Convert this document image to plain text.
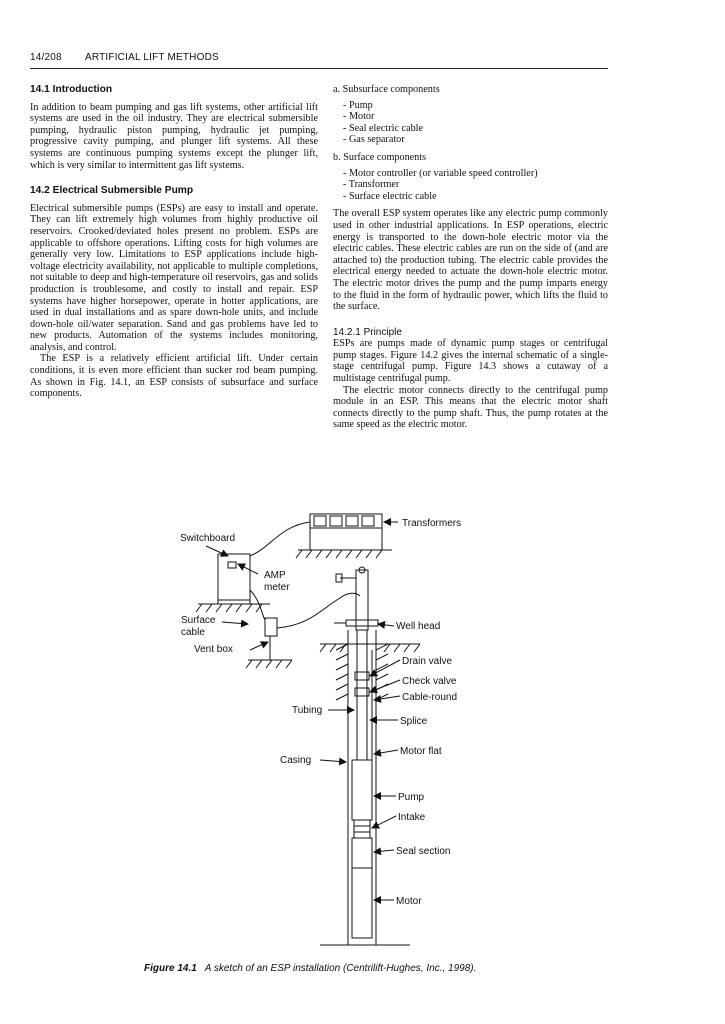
14/208 ARTIFICIAL LIFT METHODS
14.1 Introduction

In addition to beam pumping and gas lift systems, other artificial lift systems are used in the oil industry. They are electrical submersible pumping, hydraulic piston pumping, hydraulic jet pumping, progressive cavity pumping, and plunger lift systems. All these systems are continuous pumping systems except the plunger lift, which is very similar to intermittent gas lift systems.

14.2 Electrical Submersible Pump

Electrical submersible pumps (ESPs) are easy to install and operate. They can lift extremely high volumes from highly productive oil reservoirs. Crooked/deviated holes present no problem. ESPs are applicable to offshore operations. Lifting costs for high volumes are generally very low. Limitations to ESP applications include high-voltage electricity availability, not applicable to multiple completions, not suitable to deep and high-temperature oil reservoirs, gas and solids production is troublesome, and costly to install and repair. ESP systems have higher horsepower, operate in hotter applications, are used in dual installations and as spare down-hole units, and include down-hole oil/water separation. Sand and gas problems have led to new products. Automation of the systems includes monitoring, analysis, and control.

The ESP is a relatively efficient artificial lift. Under certain conditions, it is even more efficient than sucker rod beam pumping. As shown in Fig. 14.1, an ESP consists of subsurface and surface components.

a. Subsurface components

- Pump
- Motor
- Seal electric cable
- Gas separator

b. Surface components

- Motor controller (or variable speed controller)
- Transformer
- Surface electric cable

The overall ESP system operates like any electric pump commonly used in other industrial applications. In ESP operations, electric energy is transported to the down-hole electric motor via the electric cables. These electric cables are run on the side of (and are attached to) the production tubing. The electric cable provides the electrical energy needed to actuate the down-hole electric motor. The electric motor drives the pump and the pump imparts energy to the fluid in the form of hydraulic power, which lifts the fluid to the surface.

14.2.1 Principle

ESPs are pumps made of dynamic pump stages or centrifugal pump stages. Figure 14.2 gives the internal schematic of a single-stage centrifugal pump. Figure 14.3 shows a cutaway of a multistage centrifugal pump.

The electric motor connects directly to the centrifugal pump module in an ESP. This means that the electric motor shaft connects directly to the pump shaft. Thus, the pump rotates at the same speed as the electric motor.

Transformers
Switchboard
AMP
meter
Surface
cable
Vent box
Well head
Drain valve
Check valve
Cable-round
Tubing
Splice
Casing
Motor flat
Pump
Intake
Seal section
Motor
Figure 14.1 A sketch of an ESP installation (Centrilift-Hughes, Inc., 1998).
